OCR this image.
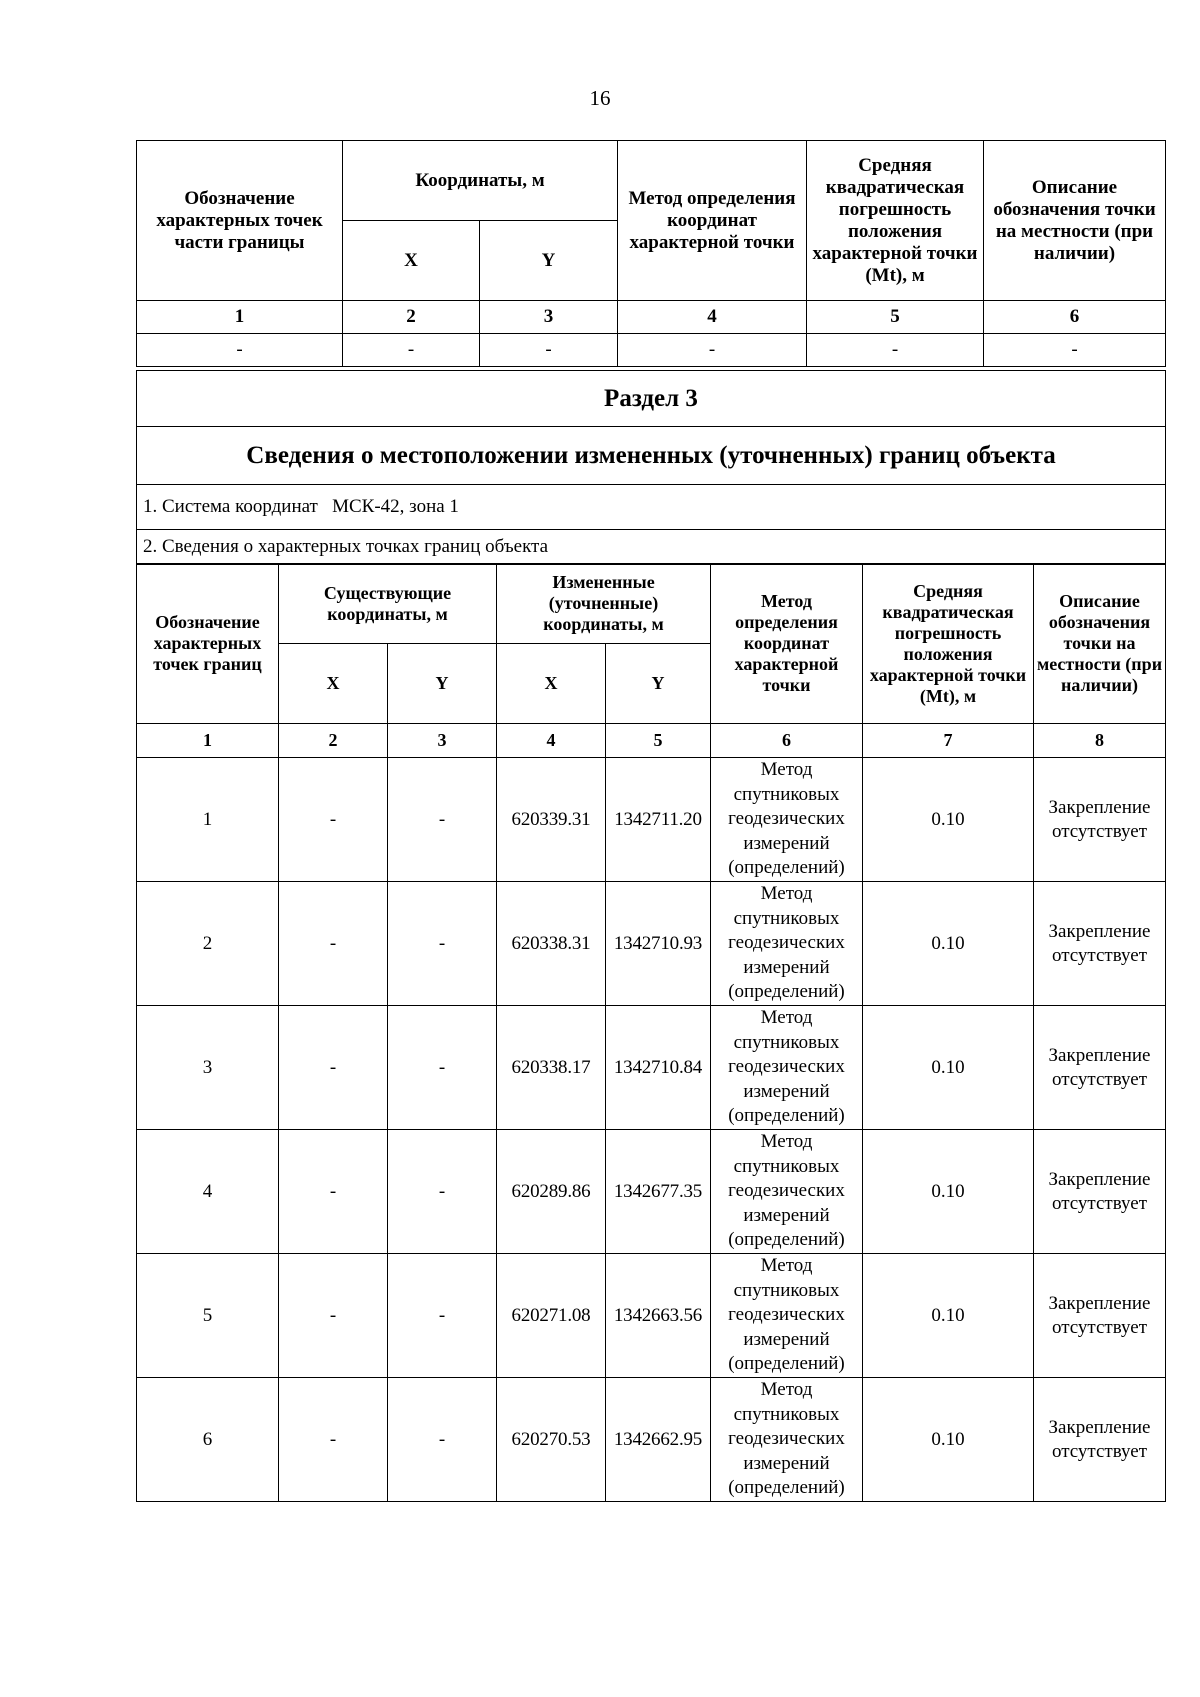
16
Обозначение характерных точек части границы	Координаты, м		Метод определения координат характерной точки	Средняя квадратическая погрешность положения характерной точки (Mt), м	Описание обозначения точки на местности (при наличии)
	X	Y			
1	2	3	4	5	6
-	-	-	-	-	-
Раздел 3
Сведения о местоположении измененных (уточненных) границ объекта
1. Система координат МСК-42, зона 1
2. Сведения о характерных точках границ объекта
Обозначение характерных точек границ	Существующие координаты, м		Измененные (уточненные) координаты, м		Метод определения координат характерной точки	Средняя квадратическая погрешность положения характерной точки (Mt), м	Описание обозначения точки на местности (при наличии)
	X	Y	X	Y			
1	2	3	4	5	6	7	8
1	-	-	620339.31	1342711.20	Метод спутниковых геодезических измерений (определений)	0.10	Закрепление отсутствует
2	-	-	620338.31	1342710.93	Метод спутниковых геодезических измерений (определений)	0.10	Закрепление отсутствует
3	-	-	620338.17	1342710.84	Метод спутниковых геодезических измерений (определений)	0.10	Закрепление отсутствует
4	-	-	620289.86	1342677.35	Метод спутниковых геодезических измерений (определений)	0.10	Закрепление отсутствует
5	-	-	620271.08	1342663.56	Метод спутниковых геодезических измерений (определений)	0.10	Закрепление отсутствует
6	-	-	620270.53	1342662.95	Метод спутниковых геодезических измерений (определений)	0.10	Закрепление отсутствует
